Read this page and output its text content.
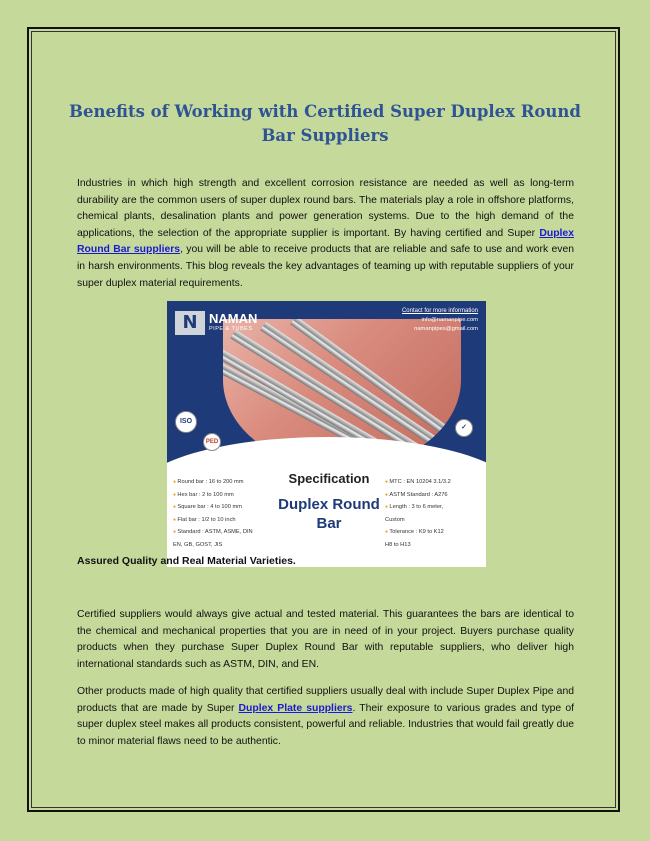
Benefits of Working with Certified Super Duplex Round Bar Suppliers

Industries in which high strength and excellent corrosion resistance are needed as well as long-term durability are the common users of super duplex round bars. The materials play a role in offshore platforms, chemical plants, desalination plants and power generation systems. Due to the high demand of the applications, the selection of the appropriate supplier is important. By having certified and Super Duplex Round Bar suppliers, you will be able to receive products that are reliable and safe to use and work even in harsh environments. This blog reveals the key advantages of teaming up with reputable suppliers of your super duplex material requirements.

N NAMAN
PIPE & TUBES
Contact for more information
info@namanpipe.com
namanpipes@gmail.com
ISO
PED
✓
Specification
Duplex Round
Bar
● Round bar : 16 to 200 mm
● Hex bar : 2 to 100 mm
● Square bar : 4 to 100 mm
● Flat bar : 1/2 to 10 inch
● Standard : ASTM, ASME, DIN
EN, GB, GOST, JIS
● MTC : EN 10204 3.1/3.2
● ASTM Standard : A276
● Length : 3 to 6 meter,
Custom
● Tolerance : K9 to K12
H8 to H13
Assured Quality and Real Material Varieties.

Certified suppliers would always give actual and tested material. This guarantees the bars are identical to the chemical and mechanical properties that you are in need of in your project. Buyers purchase quality products when they purchase Super Duplex Round Bar with reputable suppliers, who deliver high international standards such as ASTM, DIN, and EN.

Other products made of high quality that certified suppliers usually deal with include Super Duplex Pipe and products that are made by Super Duplex Plate suppliers. Their exposure to various grades and type of super duplex steel makes all products consistent, powerful and reliable. Industries that would fail greatly due to minor material flaws need to be authentic.
